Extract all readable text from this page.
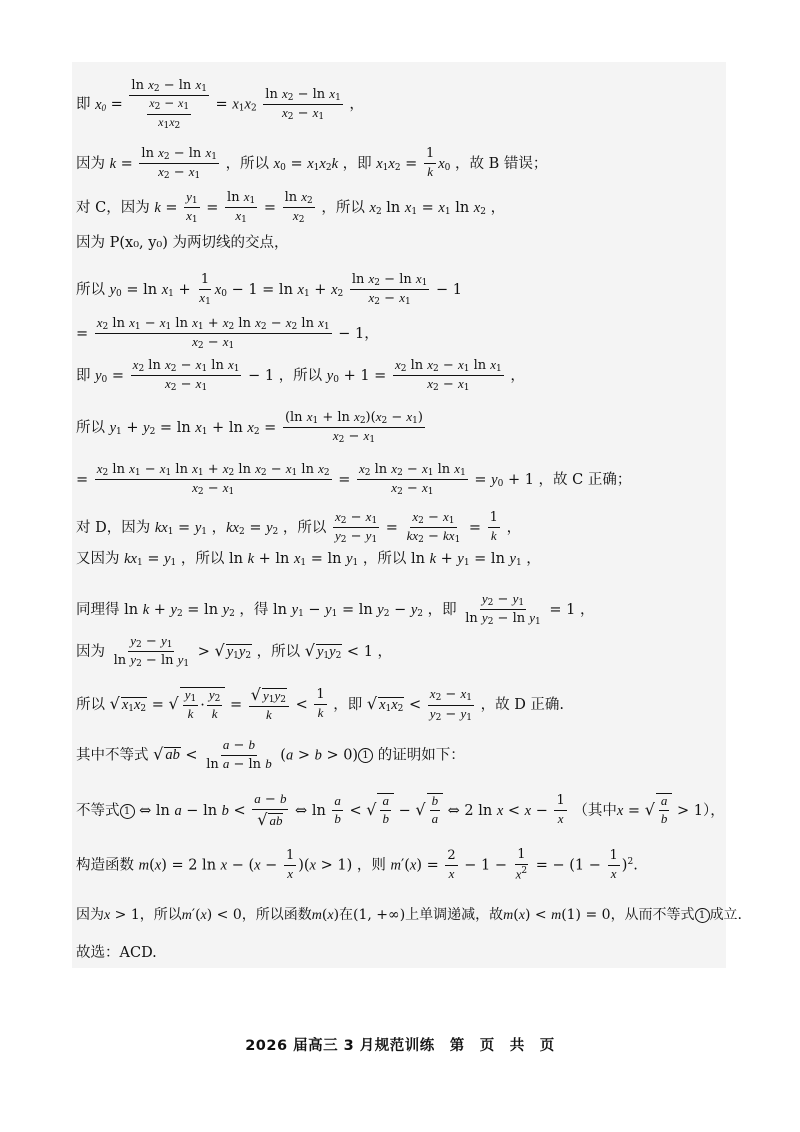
即 $x_0 = \frac{\ln x_2 - \ln x_1}{\frac{x_2 - x_1}{x_1x_2}} = x_1x_2 \frac{\ln x_2 - \ln x_1}{x_2 - x_1}$ ，
因为 $k = \frac{\ln x_2 - \ln x_1}{x_2 - x_1}$ ，所以 $x_0 = x_1x_2k$ ，即 $x_1x_2 = \frac{1}{k} x_0$ ，故 B 错误；
对 C，因为 $k = \frac{y_1}{x_1} = \frac{\ln x_1}{x_1} = \frac{\ln x_2}{x_2}$ ，所以 $x_2$ $\ln x_1 = x_1$ $\ln x_2$ ，
因为 P(x₀, y₀) 为两切线的交点，
所以 $y_0 = \ln x_1 + \frac{1}{x_1} x_0 - 1 = \ln x_1 + x_2 \frac{\ln x_2 - \ln x_1}{x_2 - x_1} - 1$
= $\frac{x_2 \ln x_1 - x_1 \ln x_1 + x_2 \ln x_2 - x_2 \ln x_1}{x_2 - x_1} - 1$，
即 $y_0 = \frac{x_2 \ln x_2 - x_1 \ln x_1}{x_2 - x_1} - 1$ ，所以 $y_0 + 1 = \frac{x_2 \ln x_2 - x_1 \ln x_1}{x_2 - x_1}$ ，
所以 $y_1 + y_2 = \ln x_1 + \ln x_2 = \frac{(\ln x_1 + \ln x_2)(x_2 - x_1)}{x_2 - x_1}$
= $\frac{x_2 \ln x_1 - x_1 \ln x_1 + x_2 \ln x_2 - x_1 \ln x_2}{x_2 - x_1} = \frac{x_2 \ln x_2 - x_1 \ln x_1}{x_2 - x_1} = y_0 + 1$ ，故 C 正确；
对 D，因为 $kx_1 = y_1$ ，$kx_2 = y_2$ ，所以 $\frac{x_2 - x_1}{y_2 - y_1} = \frac{x_2 - x_1}{kx_2 - kx_1} = \frac{1}{k}$ ，
又因为 $kx_1 = y_1$ ，所以 $\ln k + \ln x_1 = \ln y_1$ ，所以 $\ln k + y_1 = \ln y_1$ ，
同理得 $\ln k + y_2 = \ln y_2$ ，得 $\ln y_1 - y_1 = \ln y_2 - y_2$ ，即 $\frac{y_2 - y_1}{\ln y_2 - \ln y_1} = 1$ ，
因为 $\frac{y_2 - y_1}{\ln y_2 - \ln y_1}$ > √ $y_1y_2$ ，所以 √ $y_1y_2 < 1$ ，
所以 √ $x_1x_2$ = √ $\frac{y_1}{k} \cdot \frac{y_2}{k} = \frac{√ y_1y_2}{k} < \frac{1}{k}$ ，即 √ $x_1x_2 < \frac{x_2 - x_1}{y_2 - y_1}$ ，故 D 正确.
其中不等式 √ ab < $\frac{a - b}{\text{ln a − ln b}} (a > b > 0)$ 1 的证明如下：
不等式 1 ⇔ $\ln a - \ln b < \frac{a - b}{√ ab}$ ⇔ $\ln \frac{a}{b}$ < √ $\frac{a}{b}$ − √ $\frac{b}{a}$ ⇔ 2 $\ln x < x - \frac{1}{x}$ （其中x = √ $\frac{a}{b} > 1$），
构造函数 m(x) = 2 $\ln x - (x - \frac{1}{x} )(x > 1)$ ，则 $m'(x) = \frac{2}{x} - 1 - \frac{1}{x^2}$ = − $(1 - \frac{1}{x} )^2$.
因为x > 1，所以m′(x) < 0，所以函数m(x)在(1, +∞)上单调递减，故m(x) < m(1) = 0，从而不等式 1 成立.
故选：ACD.
2026 届高三 3 月规范训练　第　页　共　页
